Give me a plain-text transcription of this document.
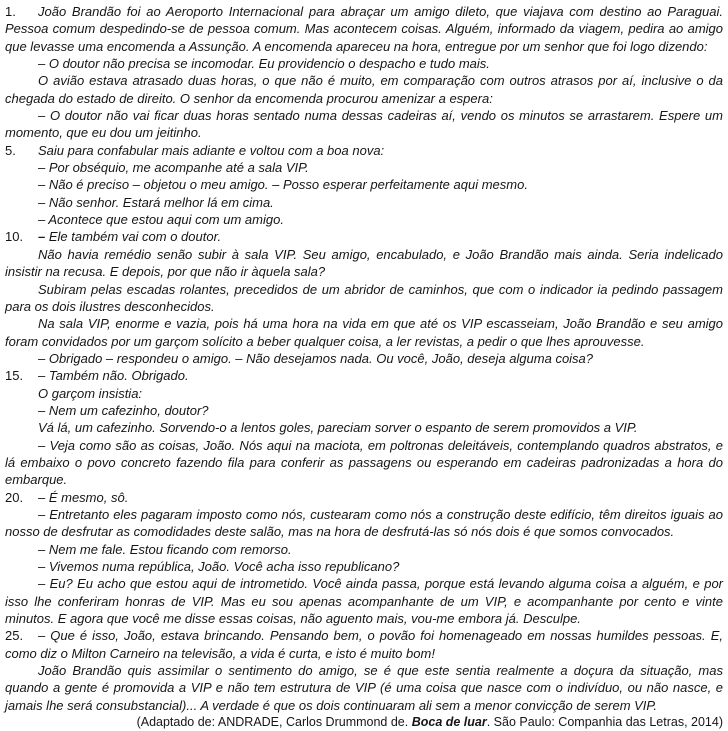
1. João Brandão foi ao Aeroporto Internacional para abraçar um amigo dileto, que viajava com destino ao Paraguai. Pessoa comum despedindo-se de pessoa comum. Mas acontecem coisas. Alguém, informado da viagem, pedira ao amigo que levasse uma encomenda a Assunção. A encomenda apareceu na hora, entregue por um senhor que foi logo dizendo:

– O doutor não precisa se incomodar. Eu providencio o despacho e tudo mais.

O avião estava atrasado duas horas, o que não é muito, em comparação com outros atrasos por aí, inclusive o da chegada do estado de direito. O senhor da encomenda procurou amenizar a espera:

– O doutor não vai ficar duas horas sentado numa dessas cadeiras aí, vendo os minutos se arrastarem. Espere um momento, que eu dou um jeitinho.

5. Saiu para confabular mais adiante e voltou com a boa nova:

– Por obséquio, me acompanhe até a sala VIP.

– Não é preciso – objetou o meu amigo. – Posso esperar perfeitamente aqui mesmo.

– Não senhor. Estará melhor lá em cima.

– Acontece que estou aqui com um amigo.

10. – Ele também vai com o doutor.

Não havia remédio senão subir à sala VIP. Seu amigo, encabulado, e João Brandão mais ainda. Seria indelicado insistir na recusa. E depois, por que não ir àquela sala?

Subiram pelas escadas rolantes, precedidos de um abridor de caminhos, que com o indicador ia pedindo passagem para os dois ilustres desconhecidos.

Na sala VIP, enorme e vazia, pois há uma hora na vida em que até os VIP escasseiam, João Brandão e seu amigo foram convidados por um garçom solícito a beber qualquer coisa, a ler revistas, a pedir o que lhes aprouvesse.

– Obrigado – respondeu o amigo. – Não desejamos nada. Ou você, João, deseja alguma coisa?

15. – Também não. Obrigado.

O garçom insistia:

– Nem um cafezinho, doutor?

Vá lá, um cafezinho. Sorvendo-o a lentos goles, pareciam sorver o espanto de serem promovidos a VIP.

– Veja como são as coisas, João. Nós aqui na maciota, em poltronas deleitáveis, contemplando quadros abstratos, e lá embaixo o povo concreto fazendo fila para conferir as passagens ou esperando em cadeiras padronizadas a hora do embarque.

20. – É mesmo, sô.

– Entretanto eles pagaram imposto como nós, custearam como nós a construção deste edifício, têm direitos iguais ao nosso de desfrutar as comodidades deste salão, mas na hora de desfrutá-las só nós dois é que somos convocados.

– Nem me fale. Estou ficando com remorso.

– Vivemos numa república, João. Você acha isso republicano?

– Eu? Eu acho que estou aqui de intrometido. Você ainda passa, porque está levando alguma coisa a alguém, e por isso lhe conferiram honras de VIP. Mas eu sou apenas acompanhante de um VIP, e acompanhante por cento e vinte minutos. E agora que você me disse essas coisas, não aguento mais, vou-me embora já. Desculpe.

25. – Que é isso, João, estava brincando. Pensando bem, o povão foi homenageado em nossas humildes pessoas. E, como diz o Milton Carneiro na televisão, a vida é curta, e isto é muito bom!

João Brandão quis assimilar o sentimento do amigo, se é que este sentia realmente a doçura da situação, mas quando a gente é promovida a VIP e não tem estrutura de VIP (é uma coisa que nasce com o indivíduo, ou não nasce, e jamais lhe será consubstancial)... A verdade é que os dois continuaram ali sem a menor convicção de serem VIP.

(Adaptado de: ANDRADE, Carlos Drummond de. Boca de luar. São Paulo: Companhia das Letras, 2014)
